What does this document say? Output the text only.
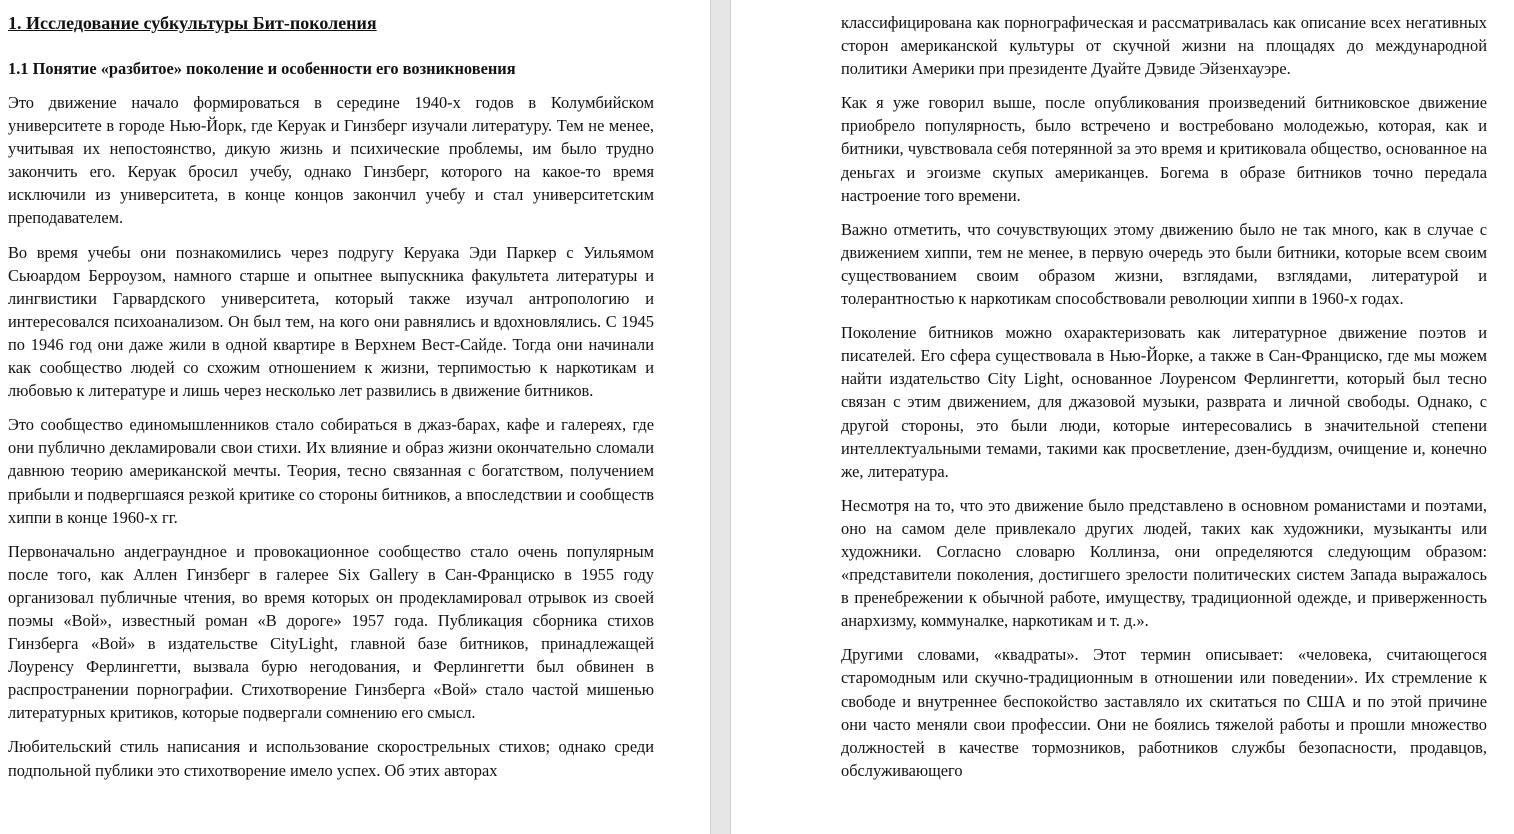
1. Исследование субкультуры Бит-поколения
1.1 Понятие «разбитое» поколение и особенности его возникновения

Это движение начало формироваться в середине 1940-х годов в Колумбийском университете в городе Нью-Йорк, где Керуак и Гинзберг изучали литературу. Тем не менее, учитывая их непостоянство, дикую жизнь и психические проблемы, им было трудно закончить его. Керуак бросил учебу, однако Гинзберг, которого на какое-то время исключили из университета, в конце концов закончил учебу и стал университетским преподавателем.

Во время учебы они познакомились через подругу Керуака Эди Паркер с Уильямом Сьюардом Берроузом, намного старше и опытнее выпускника факультета литературы и лингвистики Гарвардского университета, который также изучал антропологию и интересовался психоанализом. Он был тем, на кого они равнялись и вдохновлялись. С 1945 по 1946 год они даже жили в одной квартире в Верхнем Вест-Сайде. Тогда они начинали как сообщество людей со схожим отношением к жизни, терпимостью к наркотикам и любовью к литературе и лишь через несколько лет развились в движение битников.

Это сообщество единомышленников стало собираться в джаз-барах, кафе и галереях, где они публично декламировали свои стихи. Их влияние и образ жизни окончательно сломали давнюю теорию американской мечты. Теория, тесно связанная с богатством, получением прибыли и подвергшаяся резкой критике со стороны битников, а впоследствии и сообществ хиппи в конце 1960-х гг.

Первоначально андеграундное и провокационное сообщество стало очень популярным после того, как Аллен Гинзберг в галерее Six Gallery в Сан-Франциско в 1955 году организовал публичные чтения, во время которых он продекламировал отрывок из своей поэмы «Вой», известный роман «В дороге» 1957 года. Публикация сборника стихов Гинзберга «Вой» в издательстве CityLight, главной базе битников, принадлежащей Лоуренсу Ферлингетти, вызвала бурю негодования, и Ферлингетти был обвинен в распространении порнографии. Стихотворение Гинзберга «Вой» стало частой мишенью литературных критиков, которые подвергали сомнению его смысл.

Любительский стиль написания и использование скорострельных стихов; однако среди подпольной публики это стихотворение имело успех. Об этих авторах

классифицирована как порнографическая и рассматривалась как описание всех негативных сторон американской культуры от скучной жизни на площадях до международной политики Америки при президенте Дуайте Дэвиде Эйзенхауэре.

Как я уже говорил выше, после опубликования произведений битниковское движение приобрело популярность, было встречено и востребовано молодежью, которая, как и битники, чувствовала себя потерянной за это время и критиковала общество, основанное на деньгах и эгоизме скупых американцев. Богема в образе битников точно передала настроение того времени.

Важно отметить, что сочувствующих этому движению было не так много, как в случае с движением хиппи, тем не менее, в первую очередь это были битники, которые всем своим существованием своим образом жизни, взглядами, взглядами, литературой и толерантностью к наркотикам способствовали революции хиппи в 1960-х годах.

Поколение битников можно охарактеризовать как литературное движение поэтов и писателей. Его сфера существовала в Нью-Йорке, а также в Сан-Франциско, где мы можем найти издательство City Light, основанное Лоуренсом Ферлингетти, который был тесно связан с этим движением, для джазовой музыки, разврата и личной свободы. Однако, с другой стороны, это были люди, которые интересовались в значительной степени интеллектуальными темами, такими как просветление, дзен-буддизм, очищение и, конечно же, литература.

Несмотря на то, что это движение было представлено в основном романистами и поэтами, оно на самом деле привлекало других людей, таких как художники, музыканты или художники. Согласно словарю Коллинза, они определяются следующим образом: «представители поколения, достигшего зрелости политических систем Запада выражалось в пренебрежении к обычной работе, имуществу, традиционной одежде, и приверженность анархизму, коммуналке, наркотикам и т. д.».

Другими словами, «квадраты». Этот термин описывает: «человека, считающегося старомодным или скучно-традиционным в отношении или поведении». Их стремление к свободе и внутреннее беспокойство заставляло их скитаться по США и по этой причине они часто меняли свои профессии. Они не боялись тяжелой работы и прошли множество должностей в качестве тормозников, работников службы безопасности, продавцов, обслуживающего
